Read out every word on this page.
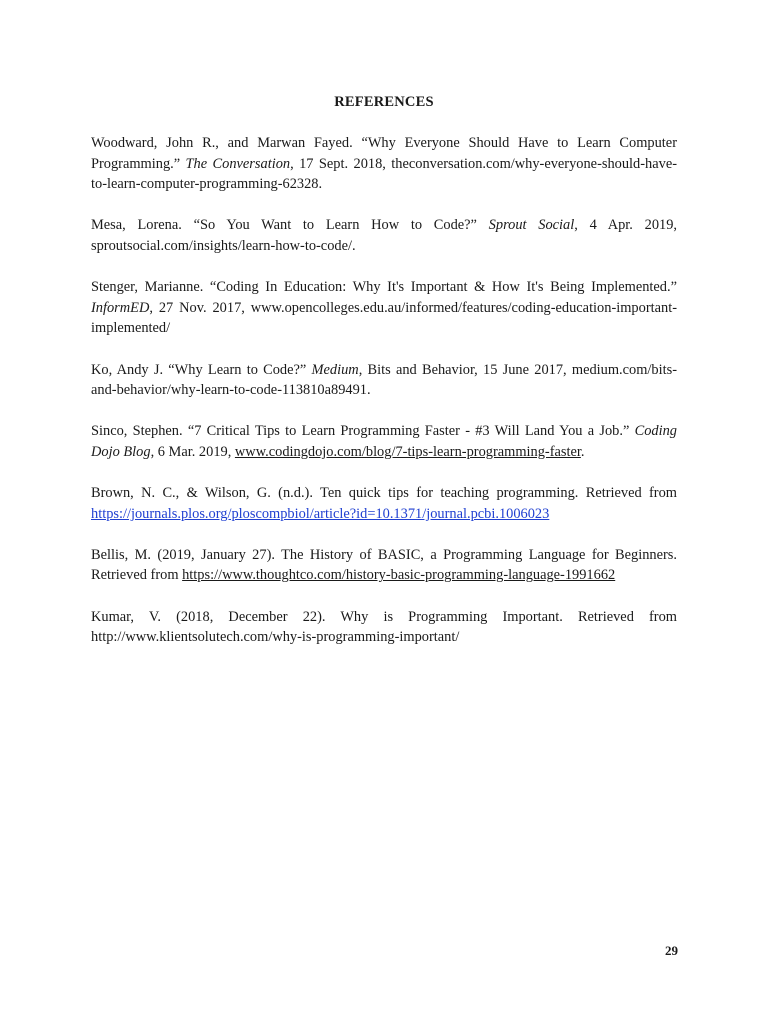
REFERENCES

Woodward, John R., and Marwan Fayed. “Why Everyone Should Have to Learn Computer Programming.” The Conversation, 17 Sept. 2018, theconversation.com/why-everyone-should-have-to-learn-computer-programming-62328.

Mesa, Lorena. “So You Want to Learn How to Code?” Sprout Social, 4 Apr. 2019, sproutsocial.com/insights/learn-how-to-code/.

Stenger, Marianne. “Coding In Education: Why It's Important & How It's Being Implemented.” InformED, 27 Nov. 2017, www.opencolleges.edu.au/informed/features/coding-education-important-implemented/

Ko, Andy J. “Why Learn to Code?” Medium, Bits and Behavior, 15 June 2017, medium.com/bits-and-behavior/why-learn-to-code-113810a89491.

Sinco, Stephen. “7 Critical Tips to Learn Programming Faster - #3 Will Land You a Job.” Coding Dojo Blog, 6 Mar. 2019, www.codingdojo.com/blog/7-tips-learn-programming-faster.

Brown, N. C., & Wilson, G. (n.d.). Ten quick tips for teaching programming. Retrieved from https://journals.plos.org/ploscompbiol/article?id=10.1371/journal.pcbi.1006023

Bellis, M. (2019, January 27). The History of BASIC, a Programming Language for Beginners. Retrieved from https://www.thoughtco.com/history-basic-programming-language-1991662

Kumar, V. (2018, December 22). Why is Programming Important. Retrieved from http://www.klientsolutech.com/why-is-programming-important/

29
